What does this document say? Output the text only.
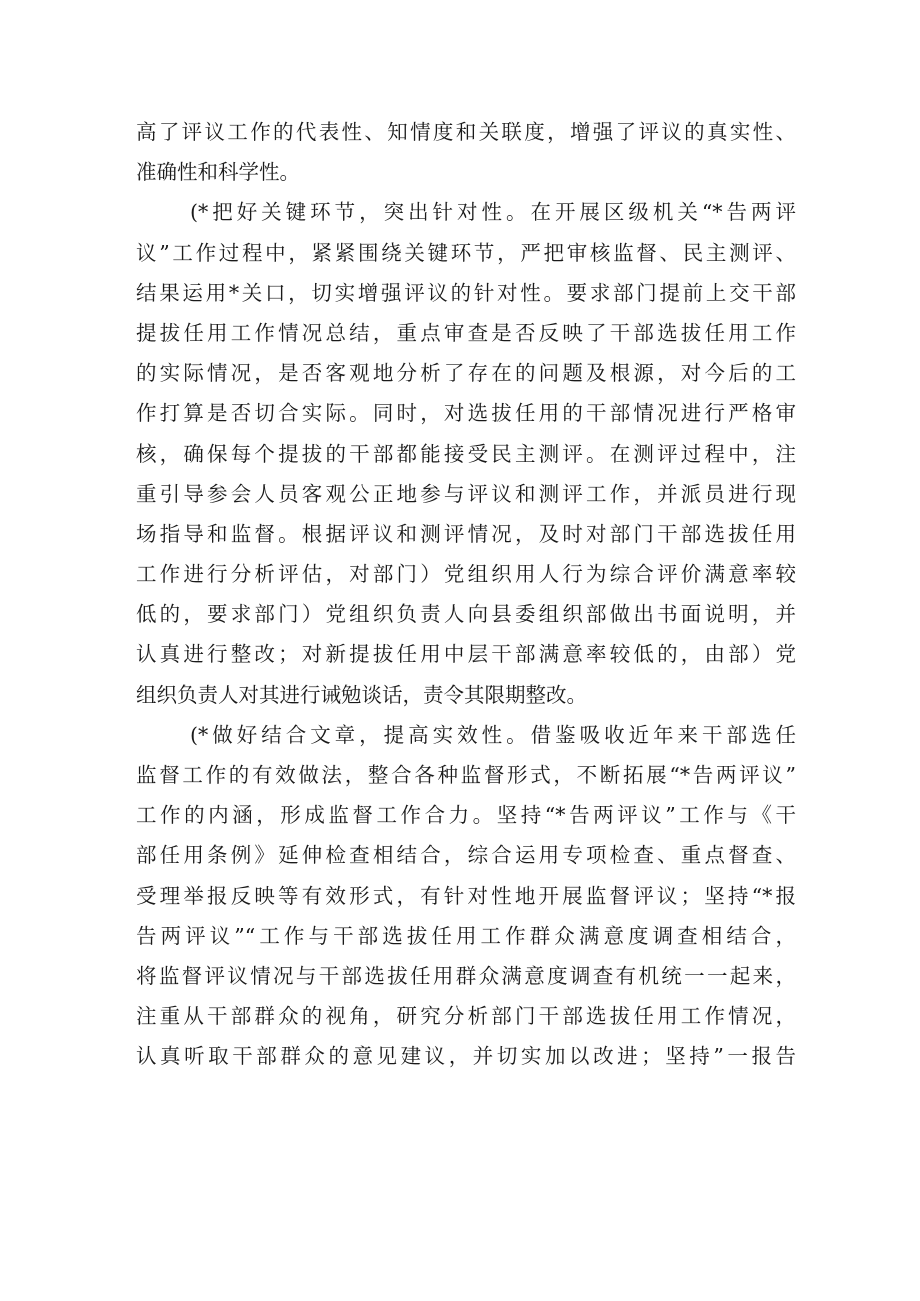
高了评议工作的代表性、知情度和关联度，增强了评议的真实性、
准确性和科学性。
(*把好关键环节，突出针对性。在开展区级机关“*告两评
议”工作过程中，紧紧围绕关键环节，严把审核监督、民主测评、
结果运用*关口，切实增强评议的针对性。要求部门提前上交干部
提拔任用工作情况总结，重点审查是否反映了干部选拔任用工作
的实际情况，是否客观地分析了存在的问题及根源，对今后的工
作打算是否切合实际。同时，对选拔任用的干部情况进行严格审
核，确保每个提拔的干部都能接受民主测评。在测评过程中，注
重引导参会人员客观公正地参与评议和测评工作，并派员进行现
场指导和监督。根据评议和测评情况，及时对部门干部选拔任用
工作进行分析评估，对部门）党组织用人行为综合评价满意率较
低的，要求部门）党组织负责人向县委组织部做出书面说明，并
认真进行整改；对新提拔任用中层干部满意率较低的，由部）党
组织负责人对其进行诫勉谈话，责令其限期整改。
(*做好结合文章，提高实效性。借鉴吸收近年来干部选任
监督工作的有效做法，整合各种监督形式，不断拓展“*告两评议”
工作的内涵，形成监督工作合力。坚持“*告两评议”工作与《干
部任用条例》延伸检查相结合，综合运用专项检查、重点督查、
受理举报反映等有效形式，有针对性地开展监督评议；坚持“*报
告两评议”“工作与干部选拔任用工作群众满意度调查相结合，
将监督评议情况与干部选拔任用群众满意度调查有机统一一起来，
注重从干部群众的视角，研究分析部门干部选拔任用工作情况，
认真听取干部群众的意见建议，并切实加以改进；坚持”一报告
